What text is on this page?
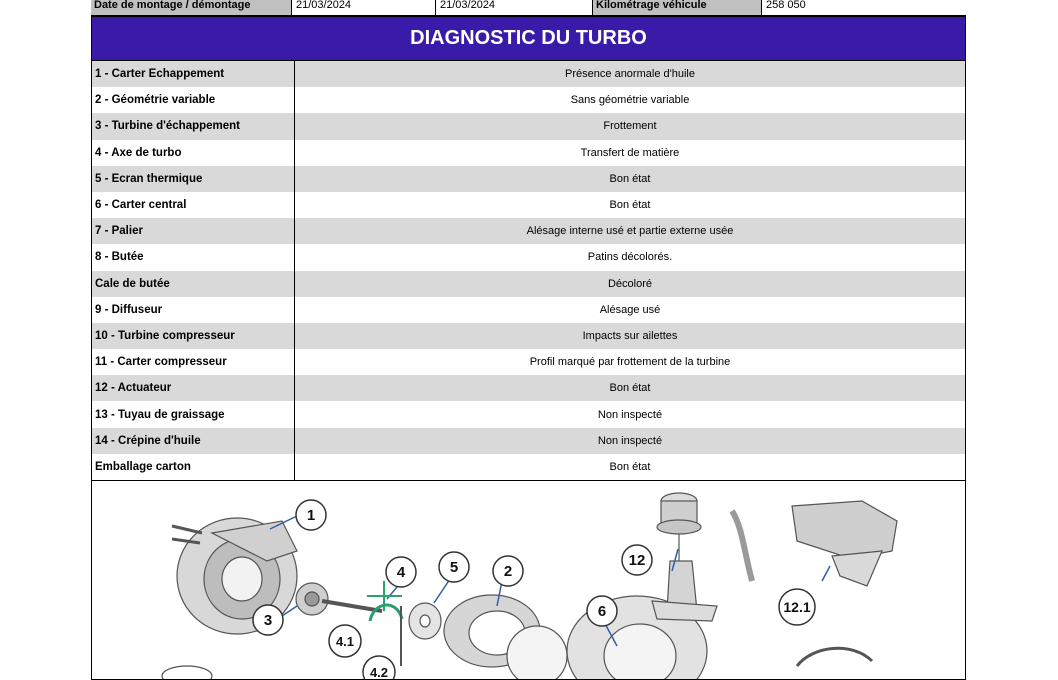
Date de montage / démontage	21/03/2024	21/03/2024	Kilométrage véhicule	258 050
DIAGNOSTIC DU TURBO
1 - Carter Echappement	Présence anormale d'huile
2 - Géométrie variable	Sans géométrie variable
3 - Turbine d'échappement	Frottement
4 - Axe de turbo	Transfert de matière
5 - Ecran thermique	Bon état
6 - Carter central	Bon état
7 - Palier	Alésage interne usé et partie externe usée
8 - Butée	Patins décolorés.
Cale de butée	Décoloré
9 - Diffuseur	Alésage usé
10 - Turbine compresseur	Impacts sur ailettes
11 - Carter compresseur	Profil marqué par frottement de la turbine
12 - Actuateur	Bon état
13 - Tuyau de graissage	Non inspecté
14 - Crépine d'huile	Non inspecté
Emballage carton	Bon état
1
2
3
4	5
6
12
4.1
4.2
12.1
